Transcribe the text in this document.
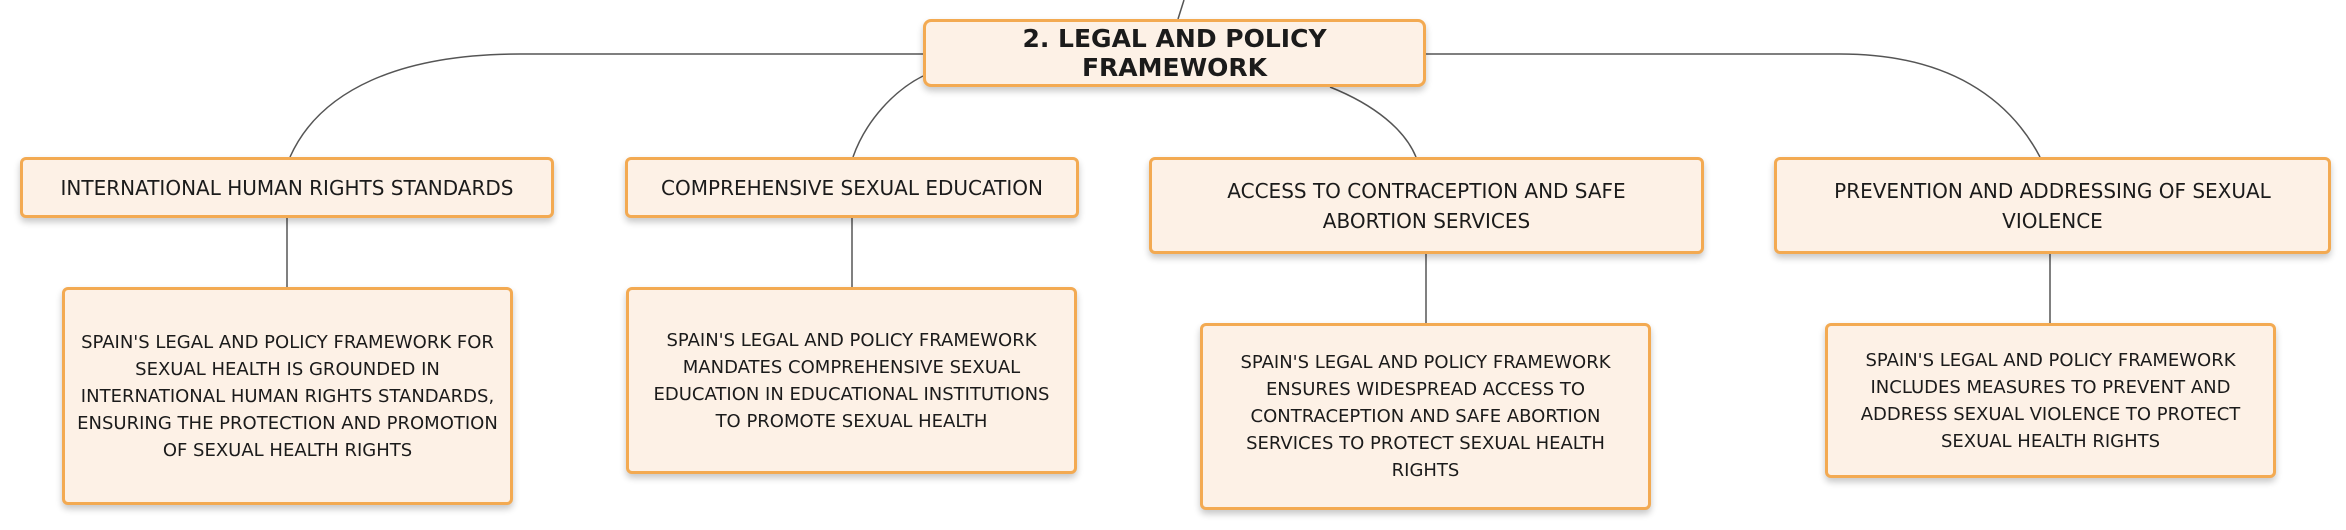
2. LEGAL AND POLICY FRAMEWORK
INTERNATIONAL HUMAN RIGHTS STANDARDS	COMPREHENSIVE SEXUAL EDUCATION	ACCESS TO CONTRACEPTION AND SAFE ABORTION SERVICES
PREVENTION AND ADDRESSING OF SEXUAL VIOLENCE
SPAIN'S LEGAL AND POLICY FRAMEWORK FOR SEXUAL HEALTH IS GROUNDED IN INTERNATIONAL HUMAN RIGHTS STANDARDS, ENSURING THE PROTECTION AND PROMOTION OF SEXUAL HEALTH RIGHTS
SPAIN'S LEGAL AND POLICY FRAMEWORK MANDATES COMPREHENSIVE SEXUAL EDUCATION IN EDUCATIONAL INSTITUTIONS TO PROMOTE SEXUAL HEALTH
SPAIN'S LEGAL AND POLICY FRAMEWORK ENSURES WIDESPREAD ACCESS TO CONTRACEPTION AND SAFE ABORTION SERVICES TO PROTECT SEXUAL HEALTH RIGHTS
SPAIN'S LEGAL AND POLICY FRAMEWORK INCLUDES MEASURES TO PREVENT AND ADDRESS SEXUAL VIOLENCE TO PROTECT SEXUAL HEALTH RIGHTS
